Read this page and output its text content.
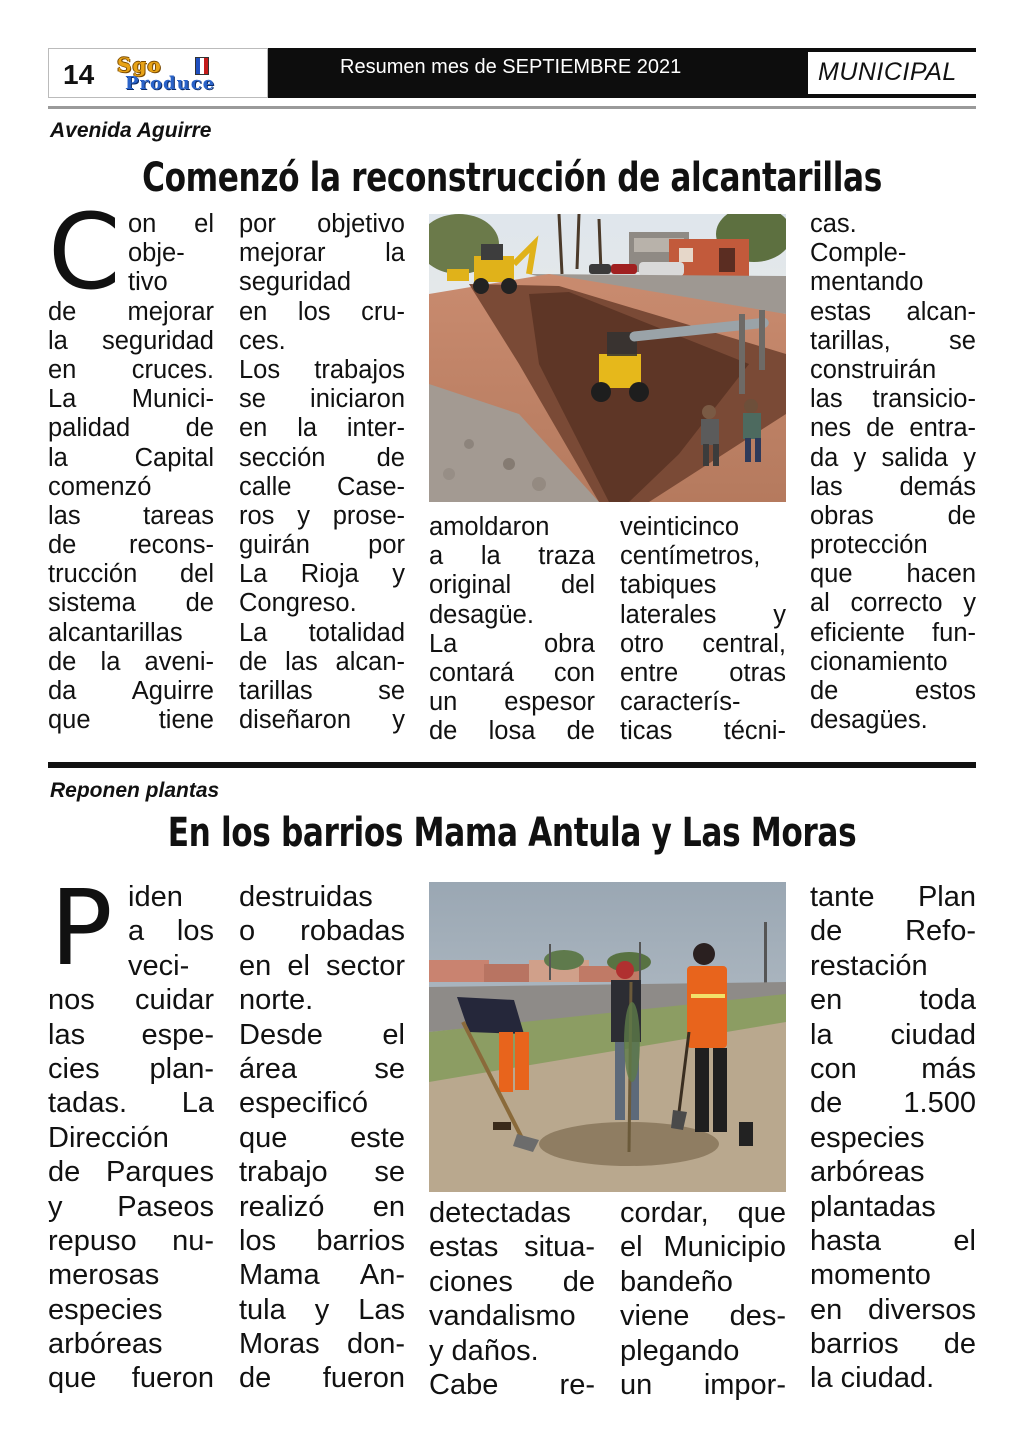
14 Sgo
Produce
Resumen mes de SEPTIEMBRE 2021	MUNICIPAL
Avenida Aguirre
Comenzó la reconstrucción de alcantarillas
C on el
obje-
tivo
de mejorar
la seguridad
en cruces.
La Munici-
palidad de
la Capital
comenzó
las tareas
de recons-
trucción del
sistema de
alcantarillas
de la aveni-
da Aguirre
que tiene
por objetivo
mejorar la
seguridad
en los cru-
ces.
Los trabajos
se iniciaron
en la inter-
sección de
calle Case-
ros y prose-
guirán por
La Rioja y
Congreso.
La totalidad
de las alcan-
tarillas se
diseñaron y
amoldaron
a la traza
original del
desagüe.
La obra
contará con
un espesor
de losa de
veinticinco
centímetros,
tabiques
laterales y
otro central,
entre otras
caracterís-
ticas técni-
cas.
Comple-
mentando
estas alcan-
tarillas, se
construirán
las transicio-
nes de entra-
da y salida y
las demás
obras de
protección
que hacen
al correcto y
eficiente fun-
cionamiento
de estos
desagües.
Reponen plantas
En los barrios Mama Antula y Las Moras
P iden
a los
veci-
nos cuidar
las espe-
cies plan-
tadas. La
Dirección
de Parques
y Paseos
repuso nu-
merosas
especies
arbóreas
que fueron
destruidas
o robadas
en el sector
norte.
Desde el
área se
especificó
que este
trabajo se
realizó en
los barrios
Mama An-
tula y Las
Moras don-
de fueron
detectadas
estas situa-
ciones de
vandalismo
y daños.
Cabe re-
cordar, que
el Municipio
bandeño
viene des-
plegando
un impor-
tante Plan
de Refo-
restación
en toda
la ciudad
con más
de 1.500
especies
arbóreas
plantadas
hasta el
momento
en diversos
barrios de
la ciudad.
